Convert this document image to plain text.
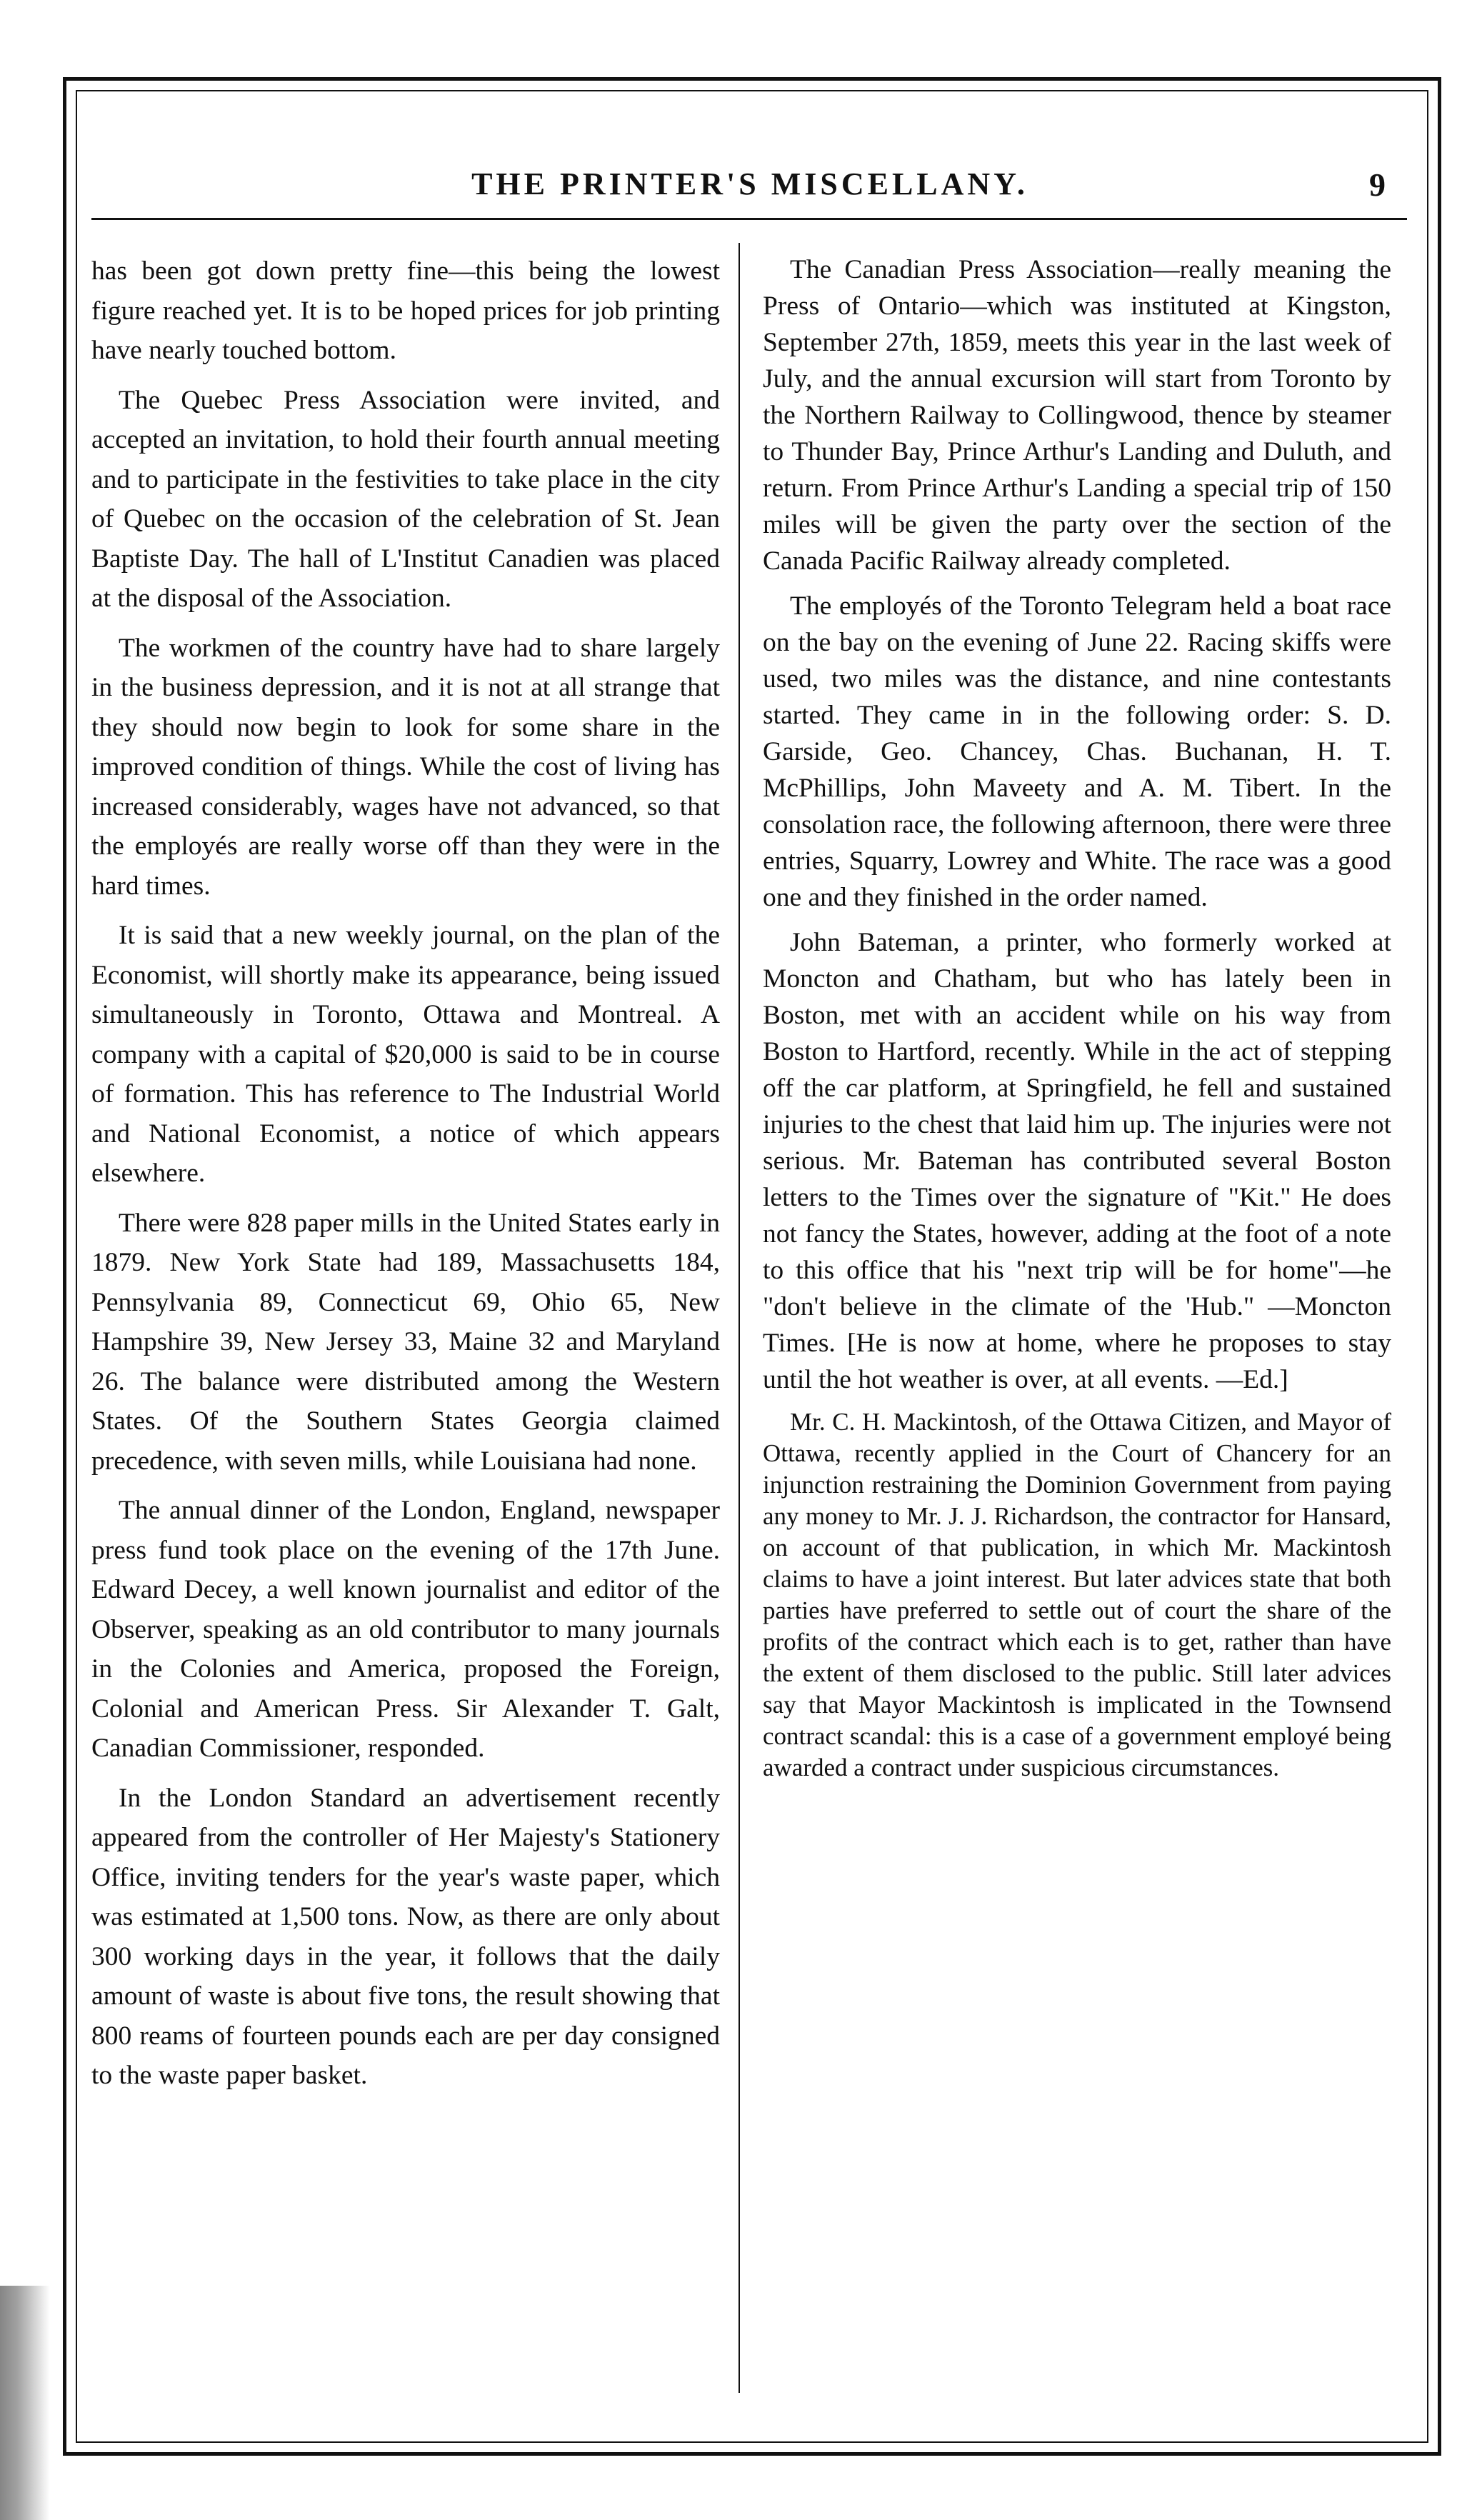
THE PRINTER'S MISCELLANY.	9

has been got down pretty fine—this being the lowest figure reached yet. It is to be hoped prices for job printing have nearly touched bottom.

The Quebec Press Association were invited, and accepted an invitation, to hold their fourth annual meeting and to participate in the festivities to take place in the city of Quebec on the occasion of the celebration of St. Jean Baptiste Day. The hall of L'Institut Canadien was placed at the disposal of the Association.

The workmen of the country have had to share largely in the business depression, and it is not at all strange that they should now begin to look for some share in the improved condition of things. While the cost of living has increased considerably, wages have not advanced, so that the employés are really worse off than they were in the hard times.

It is said that a new weekly journal, on the plan of the Economist, will shortly make its appearance, being issued simultaneously in Toronto, Ottawa and Montreal. A company with a capital of $20,000 is said to be in course of formation. This has reference to The Industrial World and National Economist, a notice of which appears elsewhere.

There were 828 paper mills in the United States early in 1879. New York State had 189, Massachusetts 184, Pennsylvania 89, Connecticut 69, Ohio 65, New Hampshire 39, New Jersey 33, Maine 32 and Maryland 26. The balance were distributed among the Western States. Of the Southern States Georgia claimed precedence, with seven mills, while Louisiana had none.

The annual dinner of the London, England, newspaper press fund took place on the evening of the 17th June. Edward Decey, a well known journalist and editor of the Observer, speaking as an old contributor to many journals in the Colonies and America, proposed the Foreign, Colonial and American Press. Sir Alexander T. Galt, Canadian Commissioner, responded.

In the London Standard an advertisement recently appeared from the controller of Her Majesty's Stationery Office, inviting tenders for the year's waste paper, which was estimated at 1,500 tons. Now, as there are only about 300 working days in the year, it follows that the daily amount of waste is about five tons, the result showing that 800 reams of fourteen pounds each are per day consigned to the waste paper basket.

The Canadian Press Association—really meaning the Press of Ontario—which was instituted at Kingston, September 27th, 1859, meets this year in the last week of July, and the annual excursion will start from Toronto by the Northern Railway to Collingwood, thence by steamer to Thunder Bay, Prince Arthur's Landing and Duluth, and return. From Prince Arthur's Landing a special trip of 150 miles will be given the party over the section of the Canada Pacific Railway already completed.

The employés of the Toronto Telegram held a boat race on the bay on the evening of June 22. Racing skiffs were used, two miles was the distance, and nine contestants started. They came in in the following order: S. D. Garside, Geo. Chancey, Chas. Buchanan, H. T. McPhillips, John Maveety and A. M. Tibert. In the consolation race, the following afternoon, there were three entries, Squarry, Lowrey and White. The race was a good one and they finished in the order named.

John Bateman, a printer, who formerly worked at Moncton and Chatham, but who has lately been in Boston, met with an accident while on his way from Boston to Hartford, recently. While in the act of stepping off the car platform, at Springfield, he fell and sustained injuries to the chest that laid him up. The injuries were not serious. Mr. Bateman has contributed several Boston letters to the Times over the signature of "Kit." He does not fancy the States, however, adding at the foot of a note to this office that his "next trip will be for home"—he "don't believe in the climate of the 'Hub." —Moncton Times. [He is now at home, where he proposes to stay until the hot weather is over, at all events. —Ed.]

Mr. C. H. Mackintosh, of the Ottawa Citizen, and Mayor of Ottawa, recently applied in the Court of Chancery for an injunction restraining the Dominion Government from paying any money to Mr. J. J. Richardson, the contractor for Hansard, on account of that publication, in which Mr. Mackintosh claims to have a joint interest. But later advices state that both parties have preferred to settle out of court the share of the profits of the contract which each is to get, rather than have the extent of them disclosed to the public. Still later advices say that Mayor Mackintosh is implicated in the Townsend contract scandal: this is a case of a government employé being awarded a contract under suspicious circumstances.
